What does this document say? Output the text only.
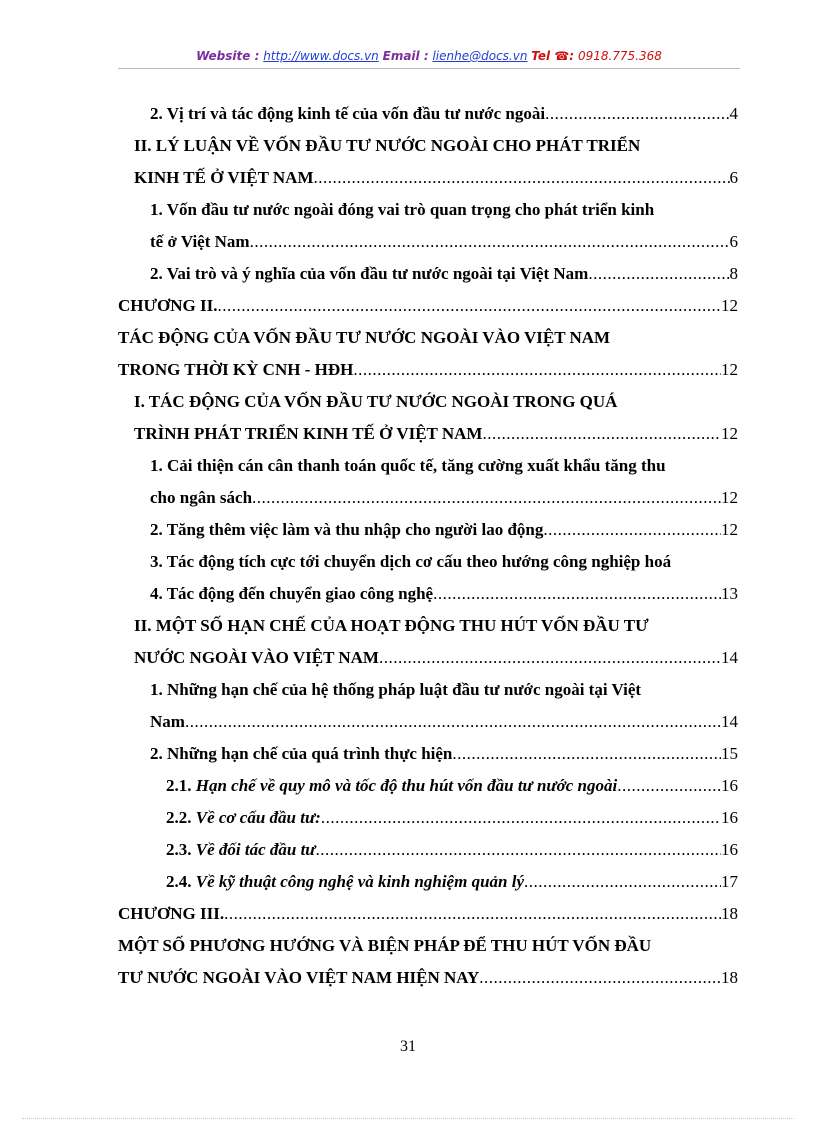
Website : http://www.docs.vn Email : lienhe@docs.vn Tel ☎: 0918.775.368
2. Vị trí và tác động kinh tế của vốn đầu tư nước ngoài .....	4
II. LÝ LUẬN VỀ VỐN ĐẦU TƯ NƯỚC NGOÀI CHO PHÁT TRIỂN
KINH TẾ Ở VIỆT NAM .....	6
1. Vốn đầu tư nước ngoài đóng vai trò quan trọng cho phát triển kinh
tế ở Việt Nam .....	6
2. Vai trò và ý nghĩa của vốn đầu tư nước ngoài tại Việt Nam .....	8
CHƯƠNG II. .....	12
TÁC ĐỘNG CỦA VỐN ĐẦU TƯ NƯỚC NGOÀI VÀO VIỆT NAM
TRONG THỜI KỲ CNH - HĐH .....	12
I. TÁC ĐỘNG CỦA VỐN ĐẦU TƯ NƯỚC NGOÀI TRONG QUÁ
TRÌNH PHÁT TRIỂN KINH TẾ Ở VIỆT NAM .....	12
1. Cải thiện cán cân thanh toán quốc tế, tăng cường xuất khẩu tăng thu
cho ngân sách .....	12
2. Tăng thêm việc làm và thu nhập cho người lao động .....	12
3. Tác động tích cực tới chuyển dịch cơ cấu theo hướng công nghiệp hoá
4. Tác động đến chuyển giao công nghệ .....	13
II. MỘT SỐ HẠN CHẾ CỦA HOẠT ĐỘNG THU HÚT VỐN ĐẦU TƯ
NƯỚC NGOÀI VÀO VIỆT NAM .....	14
1. Những hạn chế của hệ thống pháp luật đầu tư nước ngoài tại Việt
Nam .....	14
2. Những hạn chế của quá trình thực hiện .....	15
2.1. Hạn chế về quy mô và tốc độ thu hút vốn đầu tư nước ngoài .....	16
2.2. Về cơ cấu đầu tư: .....	16
2.3. Về đối tác đầu tư .....	16
2.4. Về kỹ thuật công nghệ và kinh nghiệm quản lý .....	17
CHƯƠNG III. .....	18
MỘT SỐ PHƯƠNG HƯỚNG VÀ BIỆN PHÁP ĐỂ THU HÚT VỐN ĐẦU
TƯ NƯỚC NGOÀI VÀO VIỆT NAM HIỆN NAY .....	18
31
